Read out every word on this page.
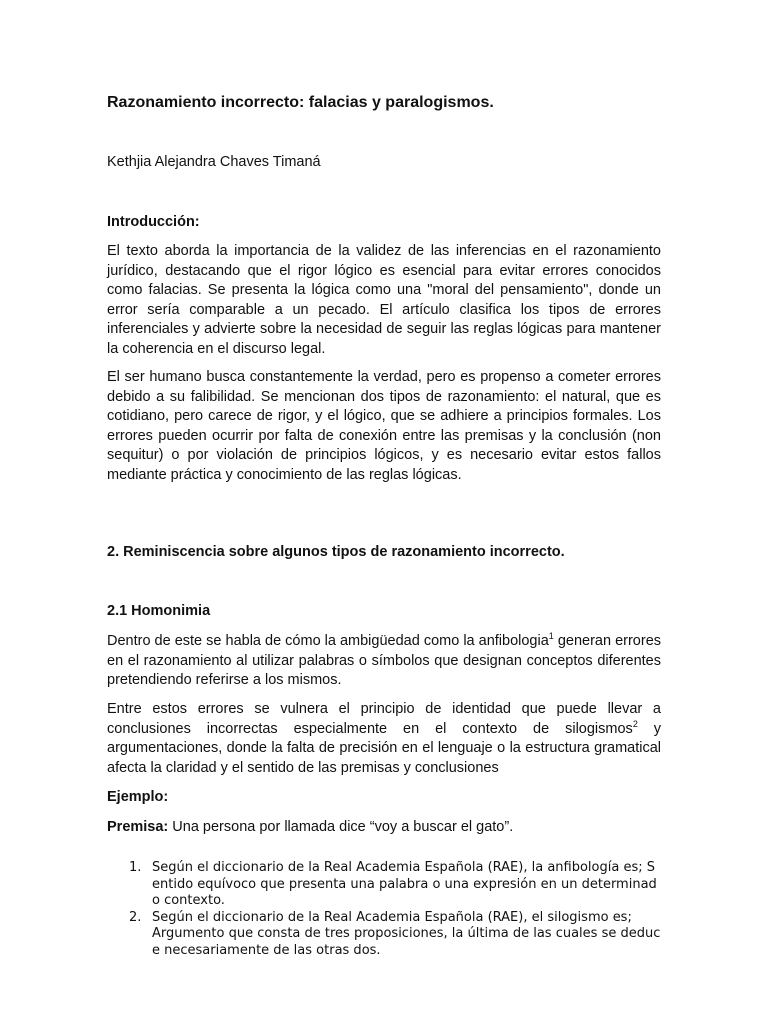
Razonamiento incorrecto: falacias y paralogismos.

Kethjia Alejandra Chaves Timaná

Introducción:

El texto aborda la importancia de la validez de las inferencias en el razonamiento jurídico, destacando que el rigor lógico es esencial para evitar errores conocidos como falacias. Se presenta la lógica como una "moral del pensamiento", donde un error sería comparable a un pecado. El artículo clasifica los tipos de errores inferenciales y advierte sobre la necesidad de seguir las reglas lógicas para mantener la coherencia en el discurso legal.

El ser humano busca constantemente la verdad, pero es propenso a cometer errores debido a su falibilidad. Se mencionan dos tipos de razonamiento: el natural, que es cotidiano, pero carece de rigor, y el lógico, que se adhiere a principios formales. Los errores pueden ocurrir por falta de conexión entre las premisas y la conclusión (non sequitur) o por violación de principios lógicos, y es necesario evitar estos fallos mediante práctica y conocimiento de las reglas lógicas.

2. Reminiscencia sobre algunos tipos de razonamiento incorrecto.

2.1 Homonimia

Dentro de este se habla de cómo la ambigüedad como la anfibologia$^1$ generan errores en el razonamiento al utilizar palabras o símbolos que designan conceptos diferentes pretendiendo referirse a los mismos.

Entre estos errores se vulnera el principio de identidad que puede llevar a conclusiones incorrectas especialmente en el contexto de silogismos$^2$ y argumentaciones, donde la falta de precisión en el lenguaje o la estructura gramatical afecta la claridad y el sentido de las premisas y conclusiones

Ejemplo:

Premisa: Una persona por llamada dice “voy a buscar el gato”.

1. Según el diccionario de la Real Academia Española (RAE), la anfibología es; Sentido equívoco que presenta una palabra o una expresión en un determinado contexto.
2. Según el diccionario de la Real Academia Española (RAE), el silogismo es;
Argumento que consta de tres proposiciones, la última de las cuales se deduce necesariamente de las otras dos.
